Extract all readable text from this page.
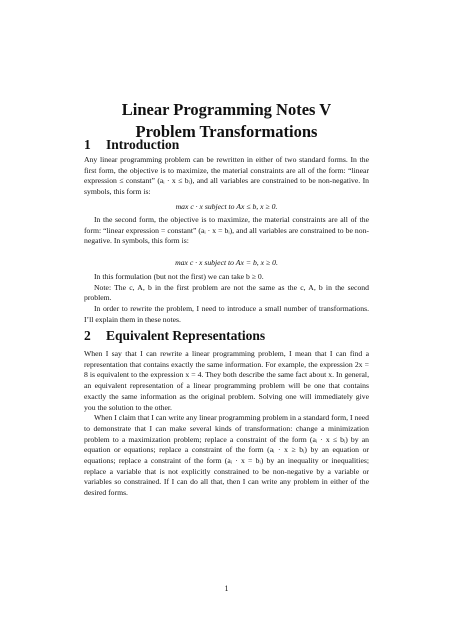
Linear Programming Notes V
Problem Transformations
1 Introduction

Any linear programming problem can be rewritten in either of two standard forms. In the first form, the objective is to maximize, the material constraints are all of the form: “linear expression ≤ constant” (aᵢ · x ≤ bᵢ), and all variables are constrained to be non-negative. In symbols, this form is:

max c · x subject to Ax ≤ b, x ≥ 0.

In the second form, the objective is to maximize, the material constraints are all of the form: “linear expression = constant” (aᵢ · x = bᵢ), and all variables are constrained to be non-negative. In symbols, this form is:

max c · x subject to Ax = b, x ≥ 0.

In this formulation (but not the first) we can take b ≥ 0.

Note: The c, A, b in the first problem are not the same as the c, A, b in the second problem.

In order to rewrite the problem, I need to introduce a small number of transformations. I’ll explain them in these notes.

2 Equivalent Representations

When I say that I can rewrite a linear programming problem, I mean that I can find a representation that contains exactly the same information. For example, the expression 2x = 8 is equivalent to the expression x = 4. They both describe the same fact about x. In general, an equivalent representation of a linear programming problem will be one that contains exactly the same information as the original problem. Solving one will immediately give you the solution to the other.

When I claim that I can write any linear programming problem in a standard form, I need to demonstrate that I can make several kinds of transformation: change a minimization problem to a maximization problem; replace a constraint of the form (aᵢ · x ≤ bᵢ) by an equation or equations; replace a constraint of the form (aᵢ · x ≥ bᵢ) by an equation or equations; replace a constraint of the form (aᵢ · x = bᵢ) by an inequality or inequalities; replace a variable that is not explicitly constrained to be non-negative by a variable or variables so constrained. If I can do all that, then I can write any problem in either of the desired forms.

1
